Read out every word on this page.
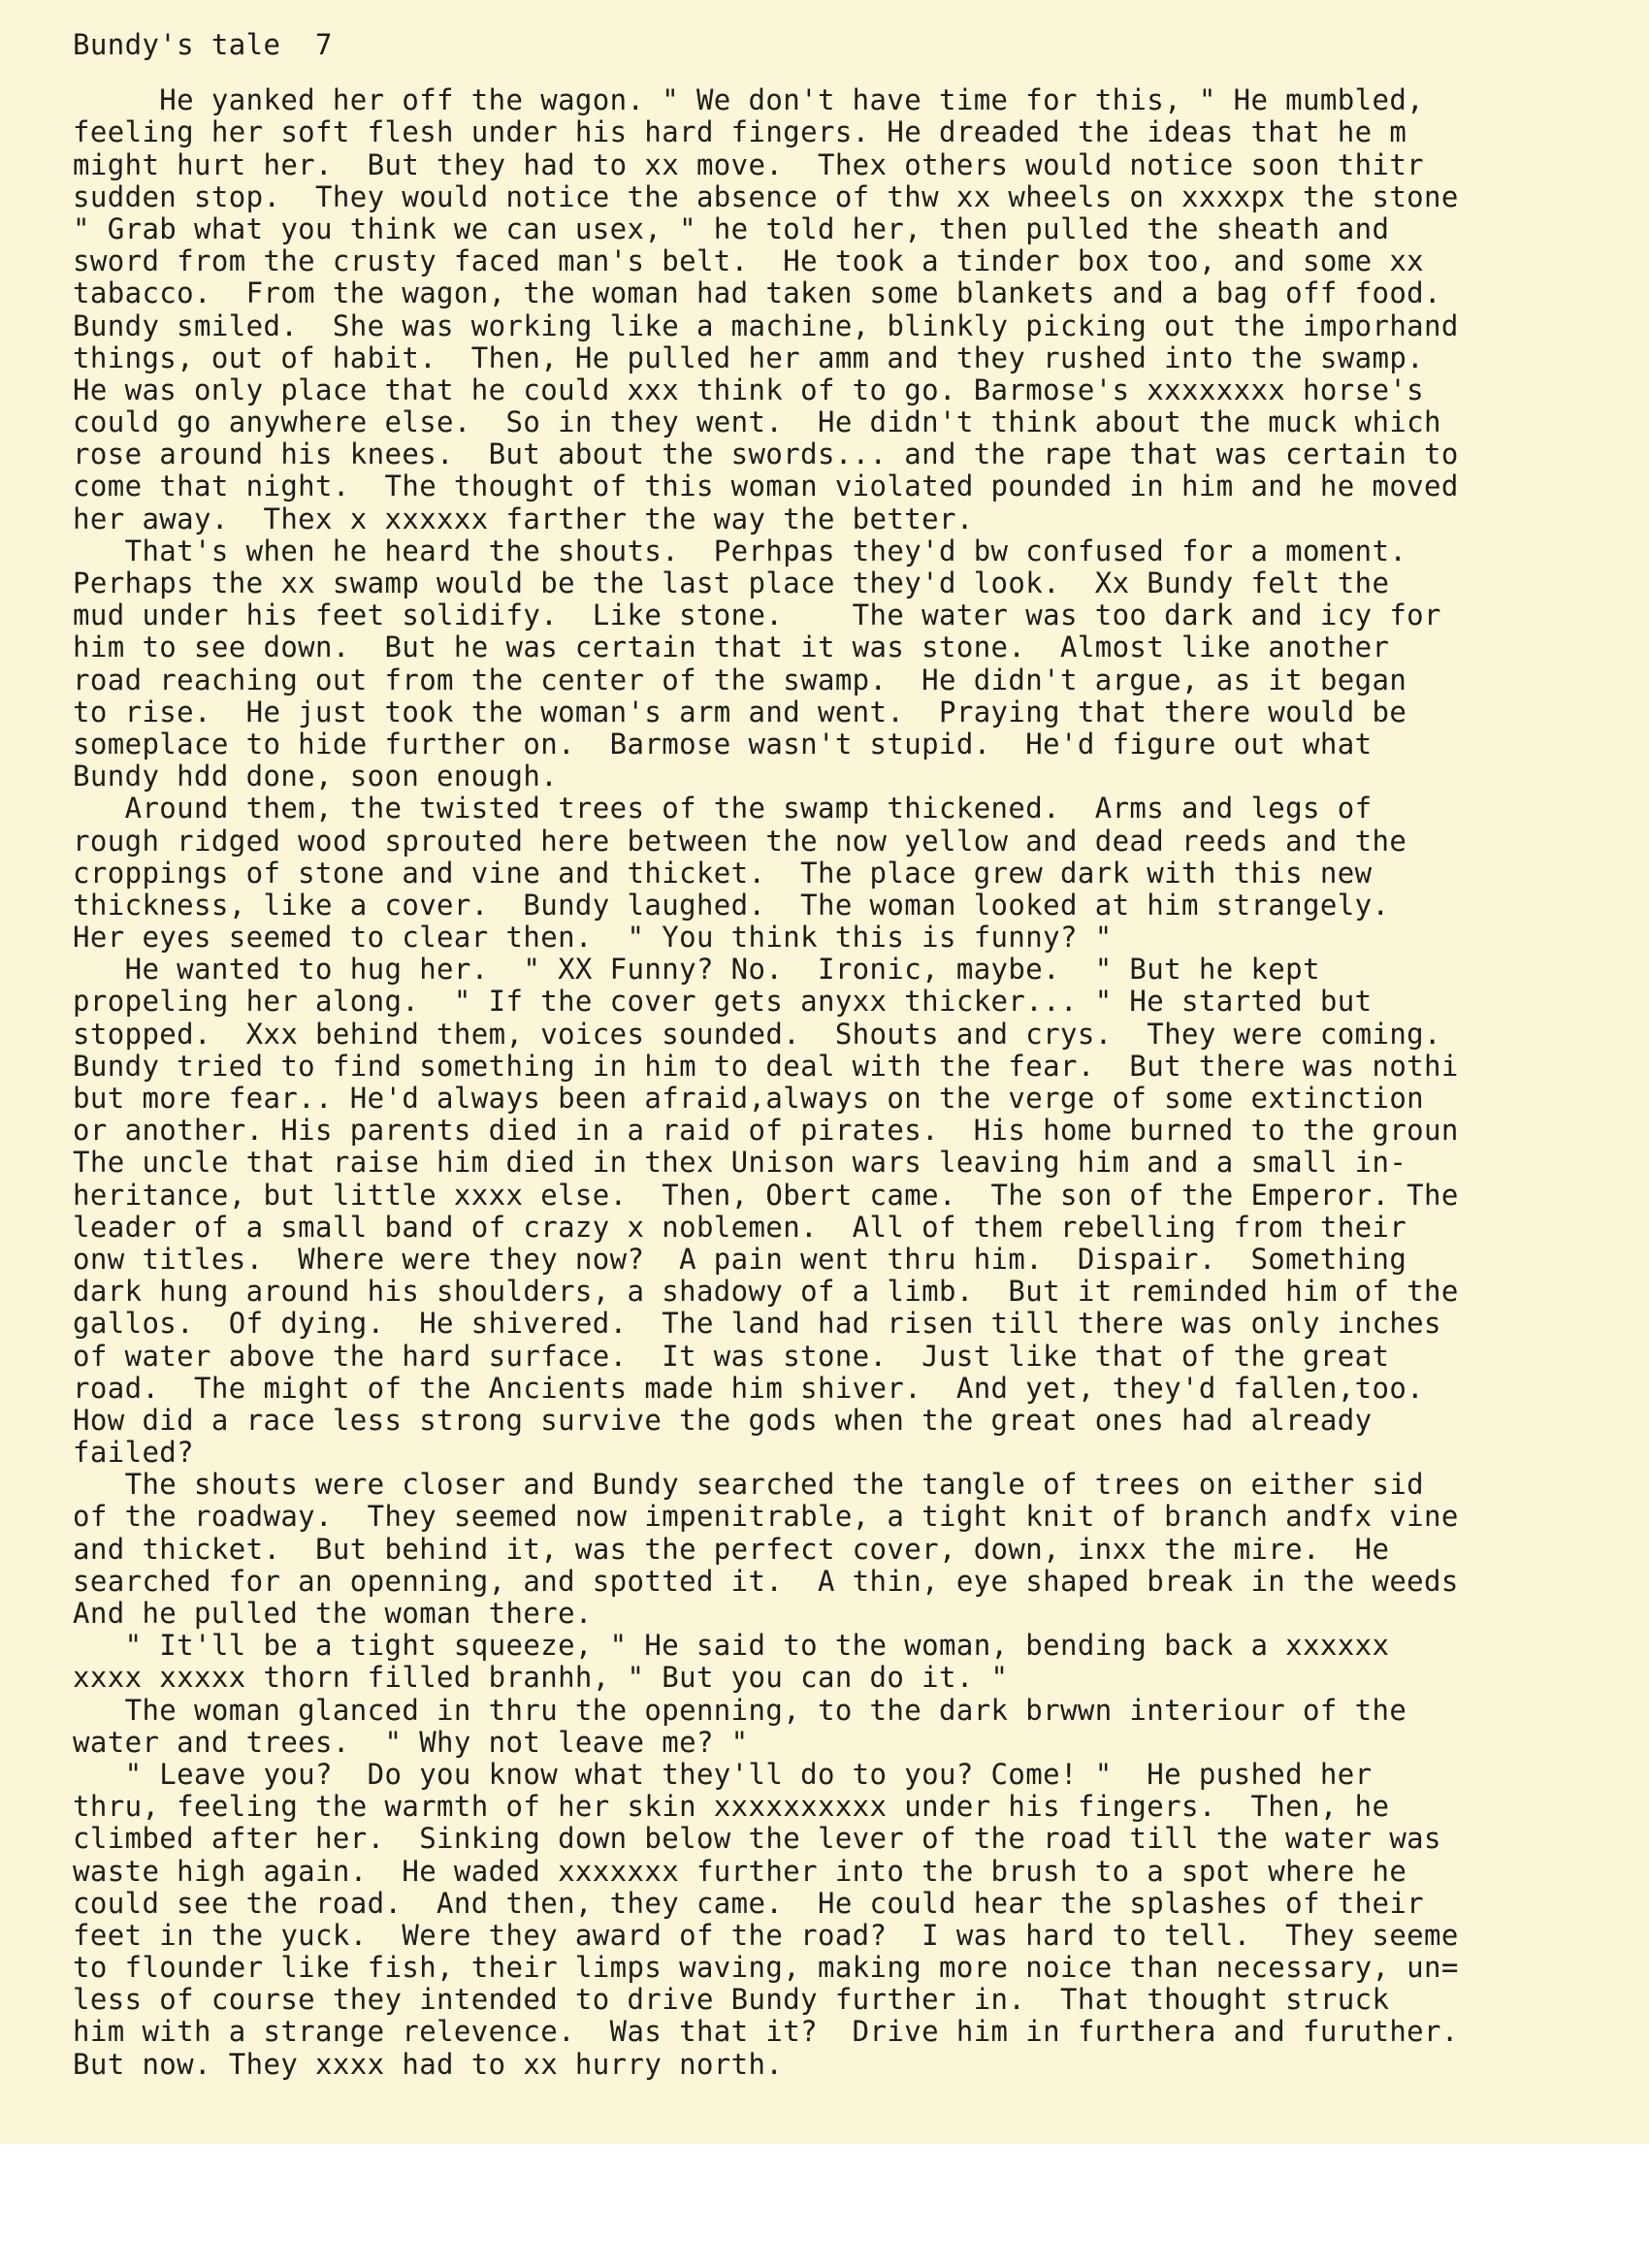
Bundy's tale  7
He yanked her off the wagon. " We don't have time for this, " He mumbled,
feeling her soft flesh under his hard fingers. He dreaded the ideas that he m
might hurt her.  But they had to xx move.  Thex others would notice soon thitr
sudden stop.  They would notice the absence of thw xx wheels on xxxxpx the stone
" Grab what you think we can usex, " he told her, then pulled the sheath and
sword from the crusty faced man's belt.  He took a tinder box too, and some xx
tabacco.  From the wagon, the woman had taken some blankets and a bag off food.
Bundy smiled.  She was working like a machine, blinkly picking out the imporhand
things, out of habit.  Then, He pulled her amm and they rushed into the swamp.
He was only place that he could xxx think of to go. Barmose's xxxxxxxx horse's
could go anywhere else.  So in they went.  He didn't think about the muck which
rose around his knees.  But about the swords... and the rape that was certain to
come that night.  The thought of this woman violated pounded in him and he moved
her away.  Thex x xxxxxx farther the way the better.
That's when he heard the shouts.  Perhpas they'd bw confused for a moment.
Perhaps the xx swamp would be the last place they'd look.  Xx Bundy felt the
mud under his feet solidify.  Like stone.    The water was too dark and icy for
him to see down.  But he was certain that it was stone.  Almost like another
road reaching out from the center of the swamp.  He didn't argue, as it began
to rise.  He just took the woman's arm and went.  Praying that there would be
someplace to hide further on.  Barmose wasn't stupid.  He'd figure out what
Bundy hdd done, soon enough.
Around them, the twisted trees of the swamp thickened.  Arms and legs of
rough ridged wood sprouted here between the now yellow and dead reeds and the
croppings of stone and vine and thicket.  The place grew dark with this new
thickness, like a cover.  Bundy laughed.  The woman looked at him strangely.
Her eyes seemed to clear then.  " You think this is funny? "
He wanted to hug her.  " XX Funny? No.  Ironic, maybe.  " But he kept
propeling her along.  " If the cover gets anyxx thicker... " He started but
stopped.  Xxx behind them, voices sounded.  Shouts and crys.  They were coming.
Bundy tried to find something in him to deal with the fear.  But there was nothi
but more fear.. He'd always been afraid,always on the verge of some extinction
or another. His parents died in a raid of pirates.  His home burned to the groun
The uncle that raise him died in thex Unison wars leaving him and a small in-
heritance, but little xxxx else.  Then, Obert came.  The son of the Emperor. The
leader of a small band of crazy x noblemen.  All of them rebelling from their
onw titles.  Where were they now?  A pain went thru him.  Dispair.  Something
dark hung around his shoulders, a shadowy of a limb.  But it reminded him of the
gallos.  Of dying.  He shivered.  The land had risen till there was only inches
of water above the hard surface.  It was stone.  Just like that of the great
road.  The might of the Ancients made him shiver.  And yet, they'd fallen,too.
How did a race less strong survive the gods when the great ones had already
failed?
The shouts were closer and Bundy searched the tangle of trees on either sid
of the roadway.  They seemed now impenitrable, a tight knit of branch andfx vine
and thicket.  But behind it, was the perfect cover, down, inxx the mire.  He
searched for an openning, and spotted it.  A thin, eye shaped break in the weeds
And he pulled the woman there.
" It'll be a tight squeeze, " He said to the woman, bending back a xxxxxx
xxxx xxxxx thorn filled branhh, " But you can do it. "
The woman glanced in thru the openning, to the dark brwwn interiour of the
water and trees.  " Why not leave me? "
" Leave you?  Do you know what they'll do to you? Come! "  He pushed her
thru, feeling the warmth of her skin xxxxxxxxxx under his fingers.  Then, he
climbed after her.  Sinking down below the lever of the road till the water was
waste high again.  He waded xxxxxxx further into the brush to a spot where he
could see the road.  And then, they came.  He could hear the splashes of their
feet in the yuck.  Were they award of the road?  I was hard to tell.  They seeme
to flounder like fish, their limps waving, making more noice than necessary, un=
less of course they intended to drive Bundy further in.  That thought struck
him with a strange relevence.  Was that it?  Drive him in furthera and furuther.
But now. They xxxx had to xx hurry north.
